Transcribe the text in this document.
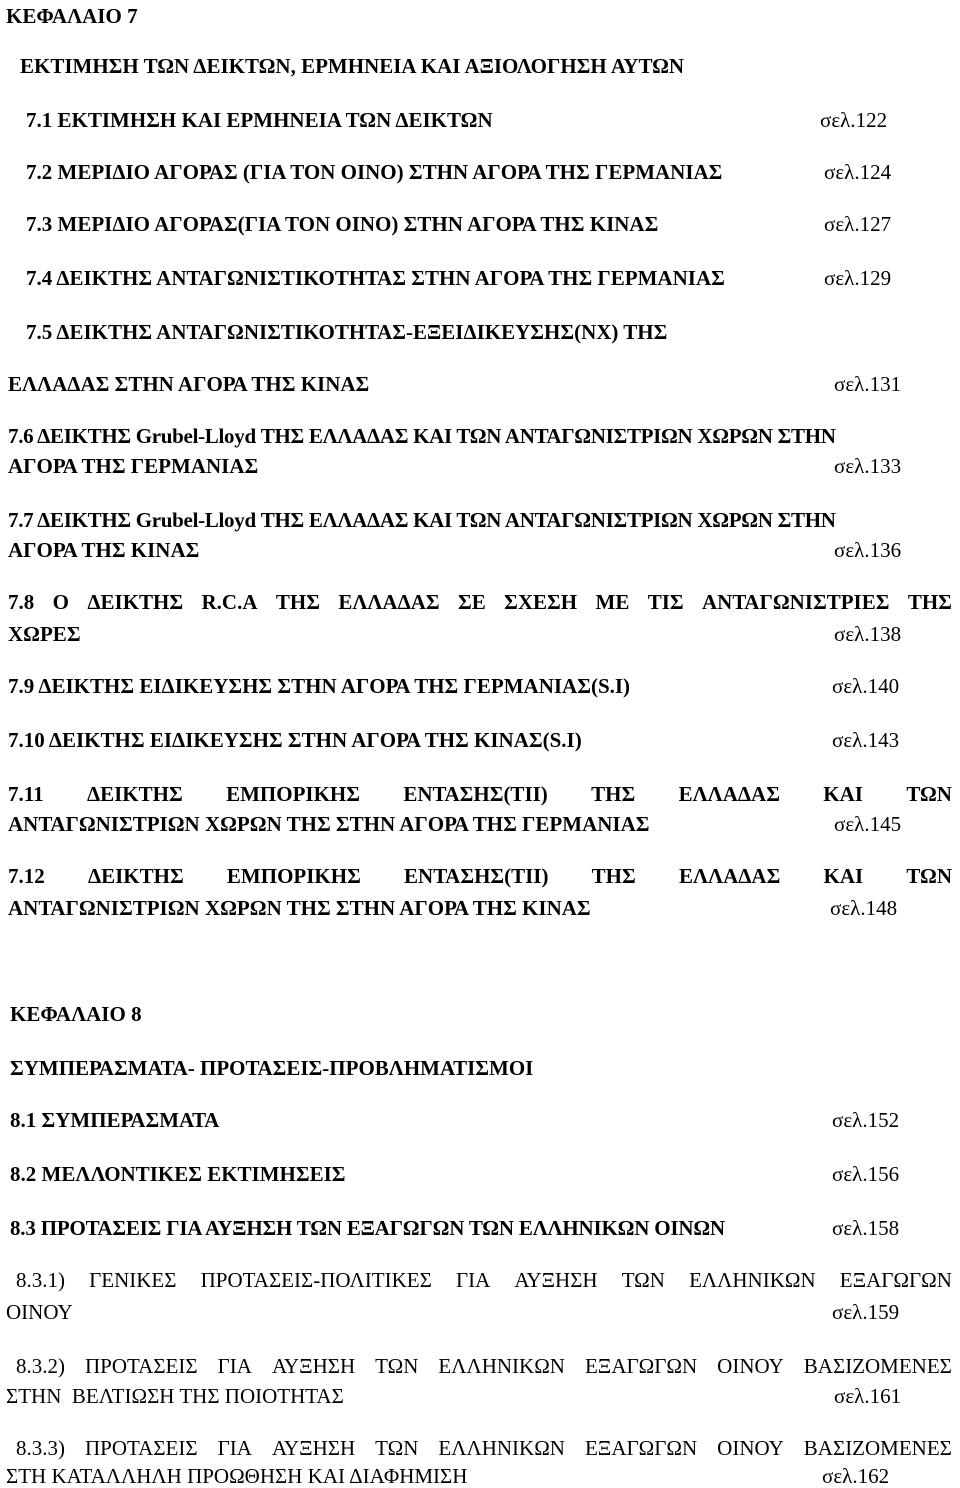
ΚΕΦΑΛΑΙΟ 7
ΕΚΤΙΜΗΣΗ ΤΩΝ ΔΕΙΚΤΩΝ, ΕΡΜΗΝΕΙΑ ΚΑΙ ΑΞΙΟΛΟΓΗΣΗ ΑΥΤΩΝ
7.1 ΕΚΤΙΜΗΣΗ ΚΑΙ ΕΡΜΗΝΕΙΑ ΤΩΝ ΔΕΙΚΤΩΝ	σελ.122
7.2 ΜΕΡΙΔΙΟ ΑΓΟΡΑΣ (ΓΙΑ ΤΟΝ ΟΙΝΟ) ΣΤΗΝ ΑΓΟΡΑ ΤΗΣ ΓΕΡΜΑΝΙΑΣ	σελ.124
7.3 ΜΕΡΙΔΙΟ ΑΓΟΡΑΣ(ΓΙΑ ΤΟΝ ΟΙΝΟ) ΣΤΗΝ ΑΓΟΡΑ ΤΗΣ ΚΙΝΑΣ	σελ.127
7.4 ΔΕΙΚΤΗΣ ΑΝΤΑΓΩΝΙΣΤΙΚΟΤΗΤΑΣ ΣΤΗΝ ΑΓΟΡΑ ΤΗΣ ΓΕΡΜΑΝΙΑΣ	σελ.129
7.5 ΔΕΙΚΤΗΣ ΑΝΤΑΓΩΝΙΣΤΙΚΟΤΗΤΑΣ-ΕΞΕΙΔΙΚΕΥΣΗΣ(ΝΧ) ΤΗΣ
ΕΛΛΑΔΑΣ ΣΤΗΝ ΑΓΟΡΑ ΤΗΣ ΚΙΝΑΣ	σελ.131
7.6 ΔΕΙΚΤΗΣ Grubel-Lloyd ΤΗΣ ΕΛΛΑΔΑΣ ΚΑΙ ΤΩΝ ΑΝΤΑΓΩΝΙΣΤΡΙΩΝ ΧΩΡΩΝ ΣΤΗΝ
ΑΓΟΡΑ ΤΗΣ ΓΕΡΜΑΝΙΑΣ	σελ.133
7.7 ΔΕΙΚΤΗΣ Grubel-Lloyd ΤΗΣ ΕΛΛΑΔΑΣ ΚΑΙ ΤΩΝ ΑΝΤΑΓΩΝΙΣΤΡΙΩΝ ΧΩΡΩΝ ΣΤΗΝ
ΑΓΟΡΑ ΤΗΣ ΚΙΝΑΣ	σελ.136
7.8 Ο ΔΕΙΚΤΗΣ R.C.A ΤΗΣ ΕΛΛΑΔΑΣ ΣΕ ΣΧΕΣΗ ΜΕ ΤΙΣ ΑΝΤΑΓΩΝΙΣΤΡΙΕΣ ΤΗΣ
ΧΩΡΕΣ	σελ.138
7.9 ΔΕΙΚΤΗΣ ΕΙΔΙΚΕΥΣΗΣ ΣΤΗΝ ΑΓΟΡΑ ΤΗΣ ΓΕΡΜΑΝΙΑΣ(S.I)	σελ.140
7.10 ΔΕΙΚΤΗΣ ΕΙΔΙΚΕΥΣΗΣ ΣΤΗΝ ΑΓΟΡΑ ΤΗΣ ΚΙΝΑΣ(S.I)	σελ.143
7.11 ΔΕΙΚΤΗΣ ΕΜΠΟΡΙΚΗΣ ΕΝΤΑΣΗΣ(ΤΙΙ) ΤΗΣ ΕΛΛΑΔΑΣ ΚΑΙ ΤΩΝ
ΑΝΤΑΓΩΝΙΣΤΡΙΩΝ ΧΩΡΩΝ ΤΗΣ ΣΤΗΝ ΑΓΟΡΑ ΤΗΣ ΓΕΡΜΑΝΙΑΣ	σελ.145
7.12 ΔΕΙΚΤΗΣ ΕΜΠΟΡΙΚΗΣ ΕΝΤΑΣΗΣ(ΤΙΙ) ΤΗΣ ΕΛΛΑΔΑΣ ΚΑΙ ΤΩΝ
ΑΝΤΑΓΩΝΙΣΤΡΙΩΝ ΧΩΡΩΝ ΤΗΣ ΣΤΗΝ ΑΓΟΡΑ ΤΗΣ ΚΙΝΑΣ	σελ.148
ΚΕΦΑΛΑΙΟ 8
ΣΥΜΠΕΡΑΣΜΑΤΑ- ΠΡΟΤΑΣΕΙΣ-ΠΡΟΒΛΗΜΑΤΙΣΜΟΙ
8.1 ΣΥΜΠΕΡΑΣΜΑΤΑ	σελ.152
8.2 ΜΕΛΛΟΝΤΙΚΕΣ ΕΚΤΙΜΗΣΕΙΣ	σελ.156
8.3 ΠΡΟΤΑΣΕΙΣ ΓΙΑ ΑΥΞΗΣΗ ΤΩΝ ΕΞΑΓΩΓΩΝ ΤΩΝ ΕΛΛΗΝΙΚΩΝ ΟΙΝΩΝ	σελ.158
8.3.1) ΓΕΝΙΚΕΣ ΠΡΟΤΑΣΕΙΣ-ΠΟΛΙΤΙΚΕΣ ΓΙΑ ΑΥΞΗΣΗ ΤΩΝ ΕΛΛΗΝΙΚΩΝ ΕΞΑΓΩΓΩΝ
ΟΙΝΟΥ	σελ.159
8.3.2) ΠΡΟΤΑΣΕΙΣ ΓΙΑ ΑΥΞΗΣΗ ΤΩΝ ΕΛΛΗΝΙΚΩΝ ΕΞΑΓΩΓΩΝ ΟΙΝΟΥ ΒΑΣΙΖΟΜΕΝΕΣ
ΣΤΗΝ  ΒΕΛΤΙΩΣΗ ΤΗΣ ΠΟΙΟΤΗΤΑΣ	σελ.161
8.3.3) ΠΡΟΤΑΣΕΙΣ ΓΙΑ ΑΥΞΗΣΗ ΤΩΝ ΕΛΛΗΝΙΚΩΝ ΕΞΑΓΩΓΩΝ ΟΙΝΟΥ ΒΑΣΙΖΟΜΕΝΕΣ
ΣΤΗ ΚΑΤΑΛΛΗΛΗ ΠΡΟΩΘΗΣΗ ΚΑΙ ΔΙΑΦΗΜΙΣΗ	σελ.162
